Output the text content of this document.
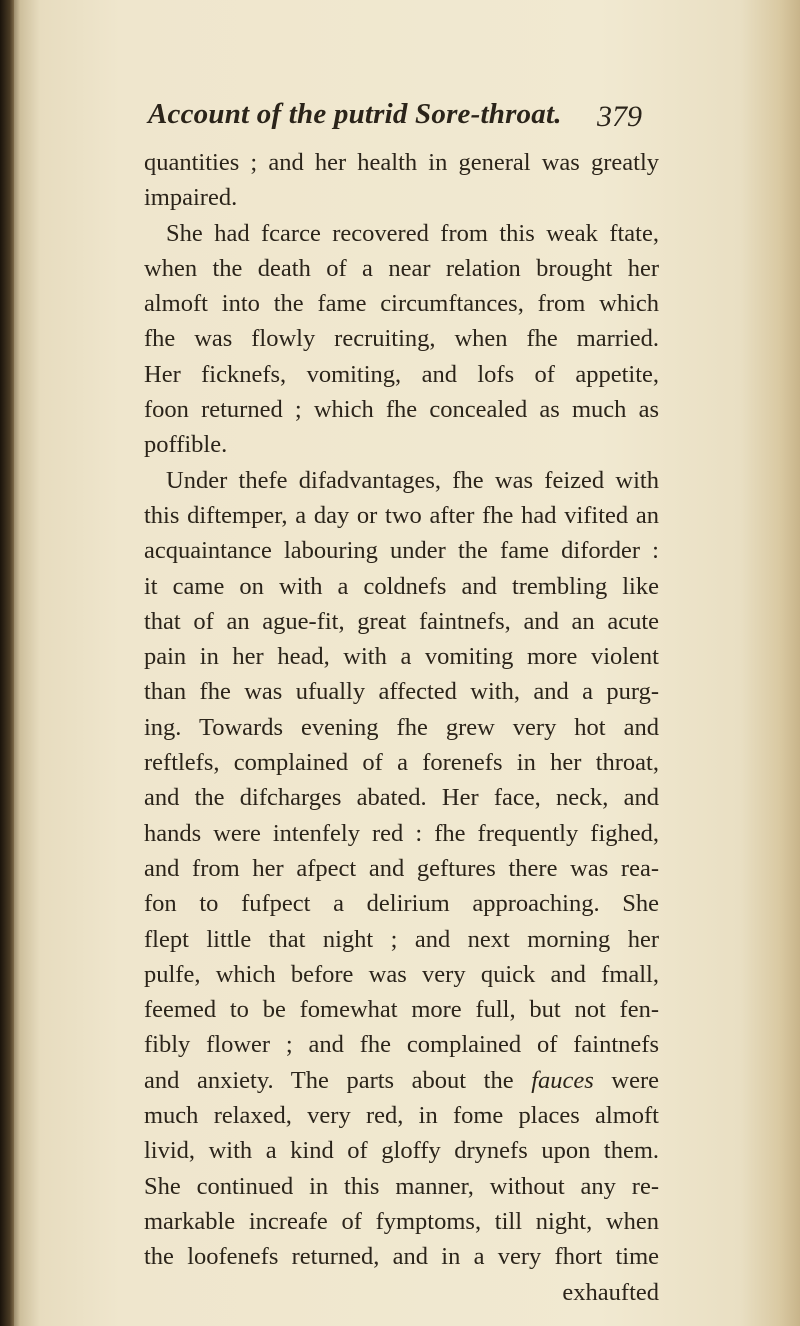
Account of the putrid Sore-throat. 379
quantities ; and her health in general was greatly
impaired.
She had fcarce recovered from this weak ftate,
when the death of a near relation brought her
almoft into the fame circumftances, from which
fhe was flowly recruiting, when fhe married.
Her ficknefs, vomiting, and lofs of appetite,
foon returned ; which fhe concealed as much as
poffible.
Under thefe difadvantages, fhe was feized with
this diftemper, a day or two after fhe had vifited an
acquaintance labouring under the fame diforder :
it came on with a coldnefs and trembling like
that of an ague-fit, great faintnefs, and an acute
pain in her head, with a vomiting more violent
than fhe was ufually affected with, and a purg-
ing. Towards evening fhe grew very hot and
reftlefs, complained of a forenefs in her throat,
and the difcharges abated. Her face, neck, and
hands were intenfely red : fhe frequently fighed,
and from her afpect and geftures there was rea-
fon to fufpect a delirium approaching. She
flept little that night ; and next morning her
pulfe, which before was very quick and fmall,
feemed to be fomewhat more full, but not fen-
fibly flower ; and fhe complained of faintnefs
and anxiety. The parts about the fauces were
much relaxed, very red, in fome places almoft
livid, with a kind of gloffy drynefs upon them.
She continued in this manner, without any re-
markable increafe of fymptoms, till night, when
the loofenefs returned, and in a very fhort time
exhaufted
